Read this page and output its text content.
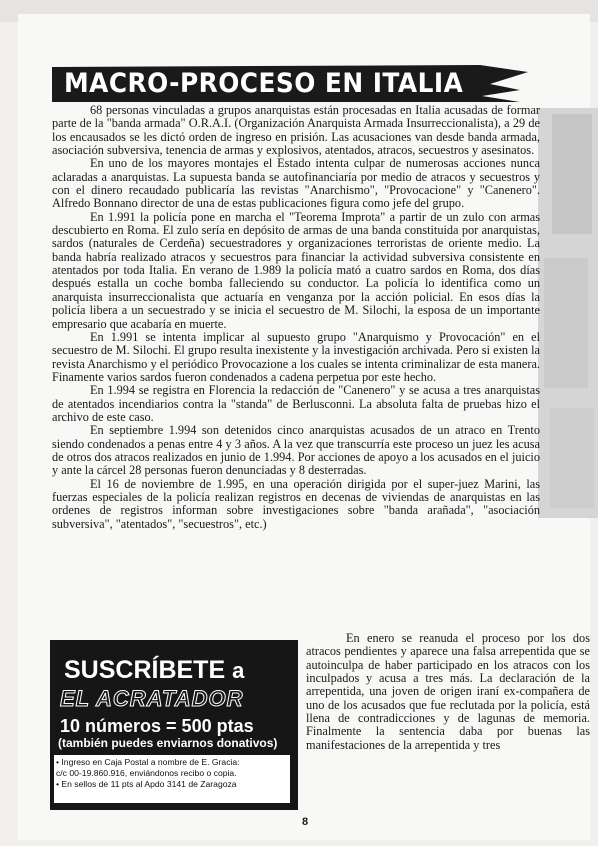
MACRO-PROCESO EN ITALIA

68 personas vinculadas a grupos anarquistas están procesadas en Italia acusadas de formar parte de la "banda armada" O.R.A.I. (Organización Anarquista Armada Insurreccionalista), a 29 de los encausados se les dictó orden de ingreso en prisión. Las acusaciones van desde banda armada, asociación subversiva, tenencia de armas y explosivos, atentados, atracos, secuestros y asesinatos.

En uno de los mayores montajes el Estado intenta culpar de numerosas acciones nunca aclaradas a anarquistas. La supuesta banda se autofinanciaría por medio de atracos y secuestros y con el dinero recaudado publicaría las revistas "Anarchismo", "Provocacione" y "Canenero". Alfredo Bonnano director de una de estas publicaciones figura como jefe del grupo.

En 1.991 la policía pone en marcha el "Teorema Improta" a partir de un zulo con armas descubierto en Roma. El zulo sería en depósito de armas de una banda constituida por anarquistas, sardos (naturales de Cerdeña) secuestradores y organizaciones terroristas de oriente medio. La banda habría realizado atracos y secuestros para financiar la actividad subversiva consistente en atentados por toda Italia. En verano de 1.989 la policía mató a cuatro sardos en Roma, dos días después estalla un coche bomba falleciendo su conductor. La policía lo identifica como un anarquista insurreccionalista que actuaría en venganza por la acción policial. En esos días la policía libera a un secuestrado y se inicia el secuestro de M. Silochi, la esposa de un importante empresario que acabaría en muerte.

En 1.991 se intenta implicar al supuesto grupo "Anarquismo y Provocación" en el secuestro de M. Silochi. El grupo resulta inexistente y la investigación archivada. Pero si existen la revista Anarchismo y el periódico Provocazione a los cuales se intenta criminalizar de esta manera. Finamente varios sardos fueron condenados a cadena perpetua por este hecho.

En 1.994 se registra en Florencia la redacción de "Canenero" y se acusa a tres anarquistas de atentados incendiarios contra la "standa" de Berlusconni. La absoluta falta de pruebas hizo el archivo de este caso.

En septiembre 1.994 son detenidos cinco anarquistas acusados de un atraco en Trento siendo condenados a penas entre 4 y 3 años. A la vez que transcurría este proceso un juez les acusa de otros dos atracos realizados en junio de 1.994. Por acciones de apoyo a los acusados en el juicio y ante la cárcel 28 personas fueron denunciadas y 8 desterradas.

El 16 de noviembre de 1.995, en una operación dirigida por el super-juez Marini, las fuerzas especiales de la policía realizan registros en decenas de viviendas de anarquistas en las ordenes de registros informan sobre investigaciones sobre "banda arañada", "asociación subversiva", "atentados", "secuestros", etc.)

En enero se reanuda el proceso por los dos atracos pendientes y aparece una falsa arrepentida que se autoinculpa de haber participado en los atracos con los inculpados y acusa a tres más. La declaración de la arrepentida, una joven de origen iraní ex-compañera de uno de los acusados que fue reclutada por la policía, está llena de contradicciones y de lagunas de memoria. Finalmente la sentencia daba por buenas las manifestaciones de la arrepentida y tres

SUSCRÍBETE a
EL ACRATADOR
10 números = 500 ptas
(también puedes enviarnos donativos)
• Ingreso en Caja Postal a nombre de E. Gracia:
c/c 00-19.860.916, enviándonos recibo o copia.
• En sellos de 11 pts al Apdo 3141 de Zaragoza
8
